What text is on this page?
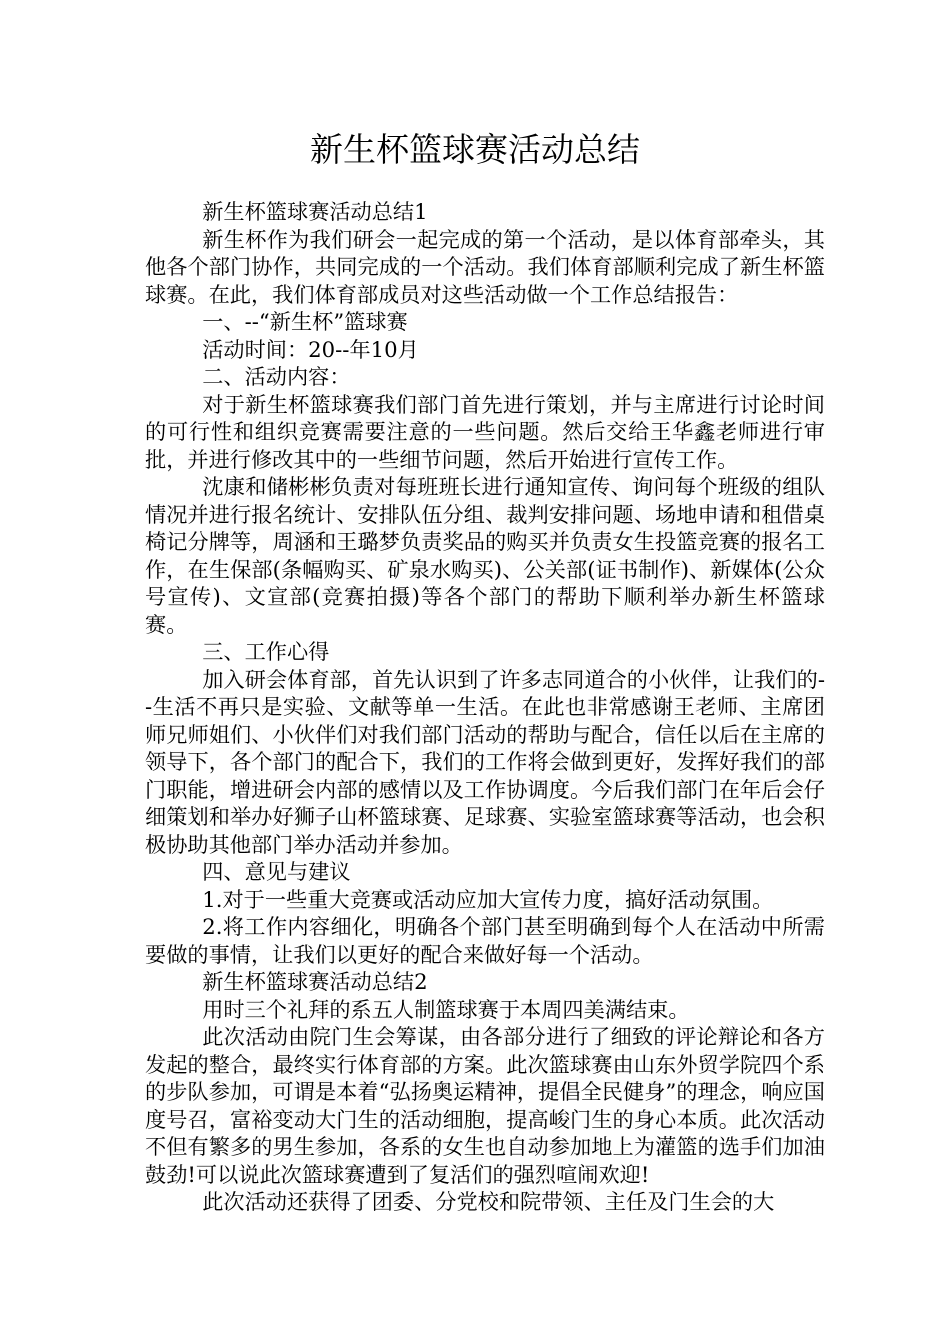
新生杯篮球赛活动总结

新生杯篮球赛活动总结1

新生杯作为我们研会一起完成的第一个活动，是以体育部牵头，其他各个部门协作，共同完成的一个活动。我们体育部顺利完成了新生杯篮球赛。在此，我们体育部成员对这些活动做一个工作总结报告：

一、--“新生杯”篮球赛

活动时间：20--年10月

二、活动内容：

对于新生杯篮球赛我们部门首先进行策划，并与主席进行讨论时间的可行性和组织竞赛需要注意的一些问题。然后交给王华鑫老师进行审批，并进行修改其中的一些细节问题，然后开始进行宣传工作。

沈康和储彬彬负责对每班班长进行通知宣传、询问每个班级的组队情况并进行报名统计、安排队伍分组、裁判安排问题、场地申请和租借桌椅记分牌等，周涵和王璐梦负责奖品的购买并负责女生投篮竞赛的报名工作，在生保部(条幅购买、矿泉水购买)、公关部(证书制作)、新媒体(公众号宣传)、文宣部(竞赛拍摄)等各个部门的帮助下顺利举办新生杯篮球赛。

三、工作心得

加入研会体育部，首先认识到了许多志同道合的小伙伴，让我们的--生活不再只是实验、文献等单一生活。在此也非常感谢王老师、主席团师兄师姐们、小伙伴们对我们部门活动的帮助与配合，信任以后在主席的领导下，各个部门的配合下，我们的工作将会做到更好，发挥好我们的部门职能，增进研会内部的感情以及工作协调度。今后我们部门在年后会仔细策划和举办好狮子山杯篮球赛、足球赛、实验室篮球赛等活动，也会积极协助其他部门举办活动并参加。

四、意见与建议

1.对于一些重大竞赛或活动应加大宣传力度，搞好活动氛围。

2.将工作内容细化，明确各个部门甚至明确到每个人在活动中所需要做的事情，让我们以更好的配合来做好每一个活动。

新生杯篮球赛活动总结2

用时三个礼拜的系五人制篮球赛于本周四美满结束。

此次活动由院门生会筹谋，由各部分进行了细致的评论辩论和各方发起的整合，最终实行体育部的方案。此次篮球赛由山东外贸学院四个系的步队参加，可谓是本着“弘扬奥运精神，提倡全民健身”的理念，响应国度号召，富裕变动大门生的活动细胞，提高峻门生的身心本质。此次活动不但有繁多的男生参加，各系的女生也自动参加地上为灌篮的选手们加油鼓劲!可以说此次篮球赛遭到了复活们的强烈喧闹欢迎!

此次活动还获得了团委、分党校和院带领、主任及门生会的大
